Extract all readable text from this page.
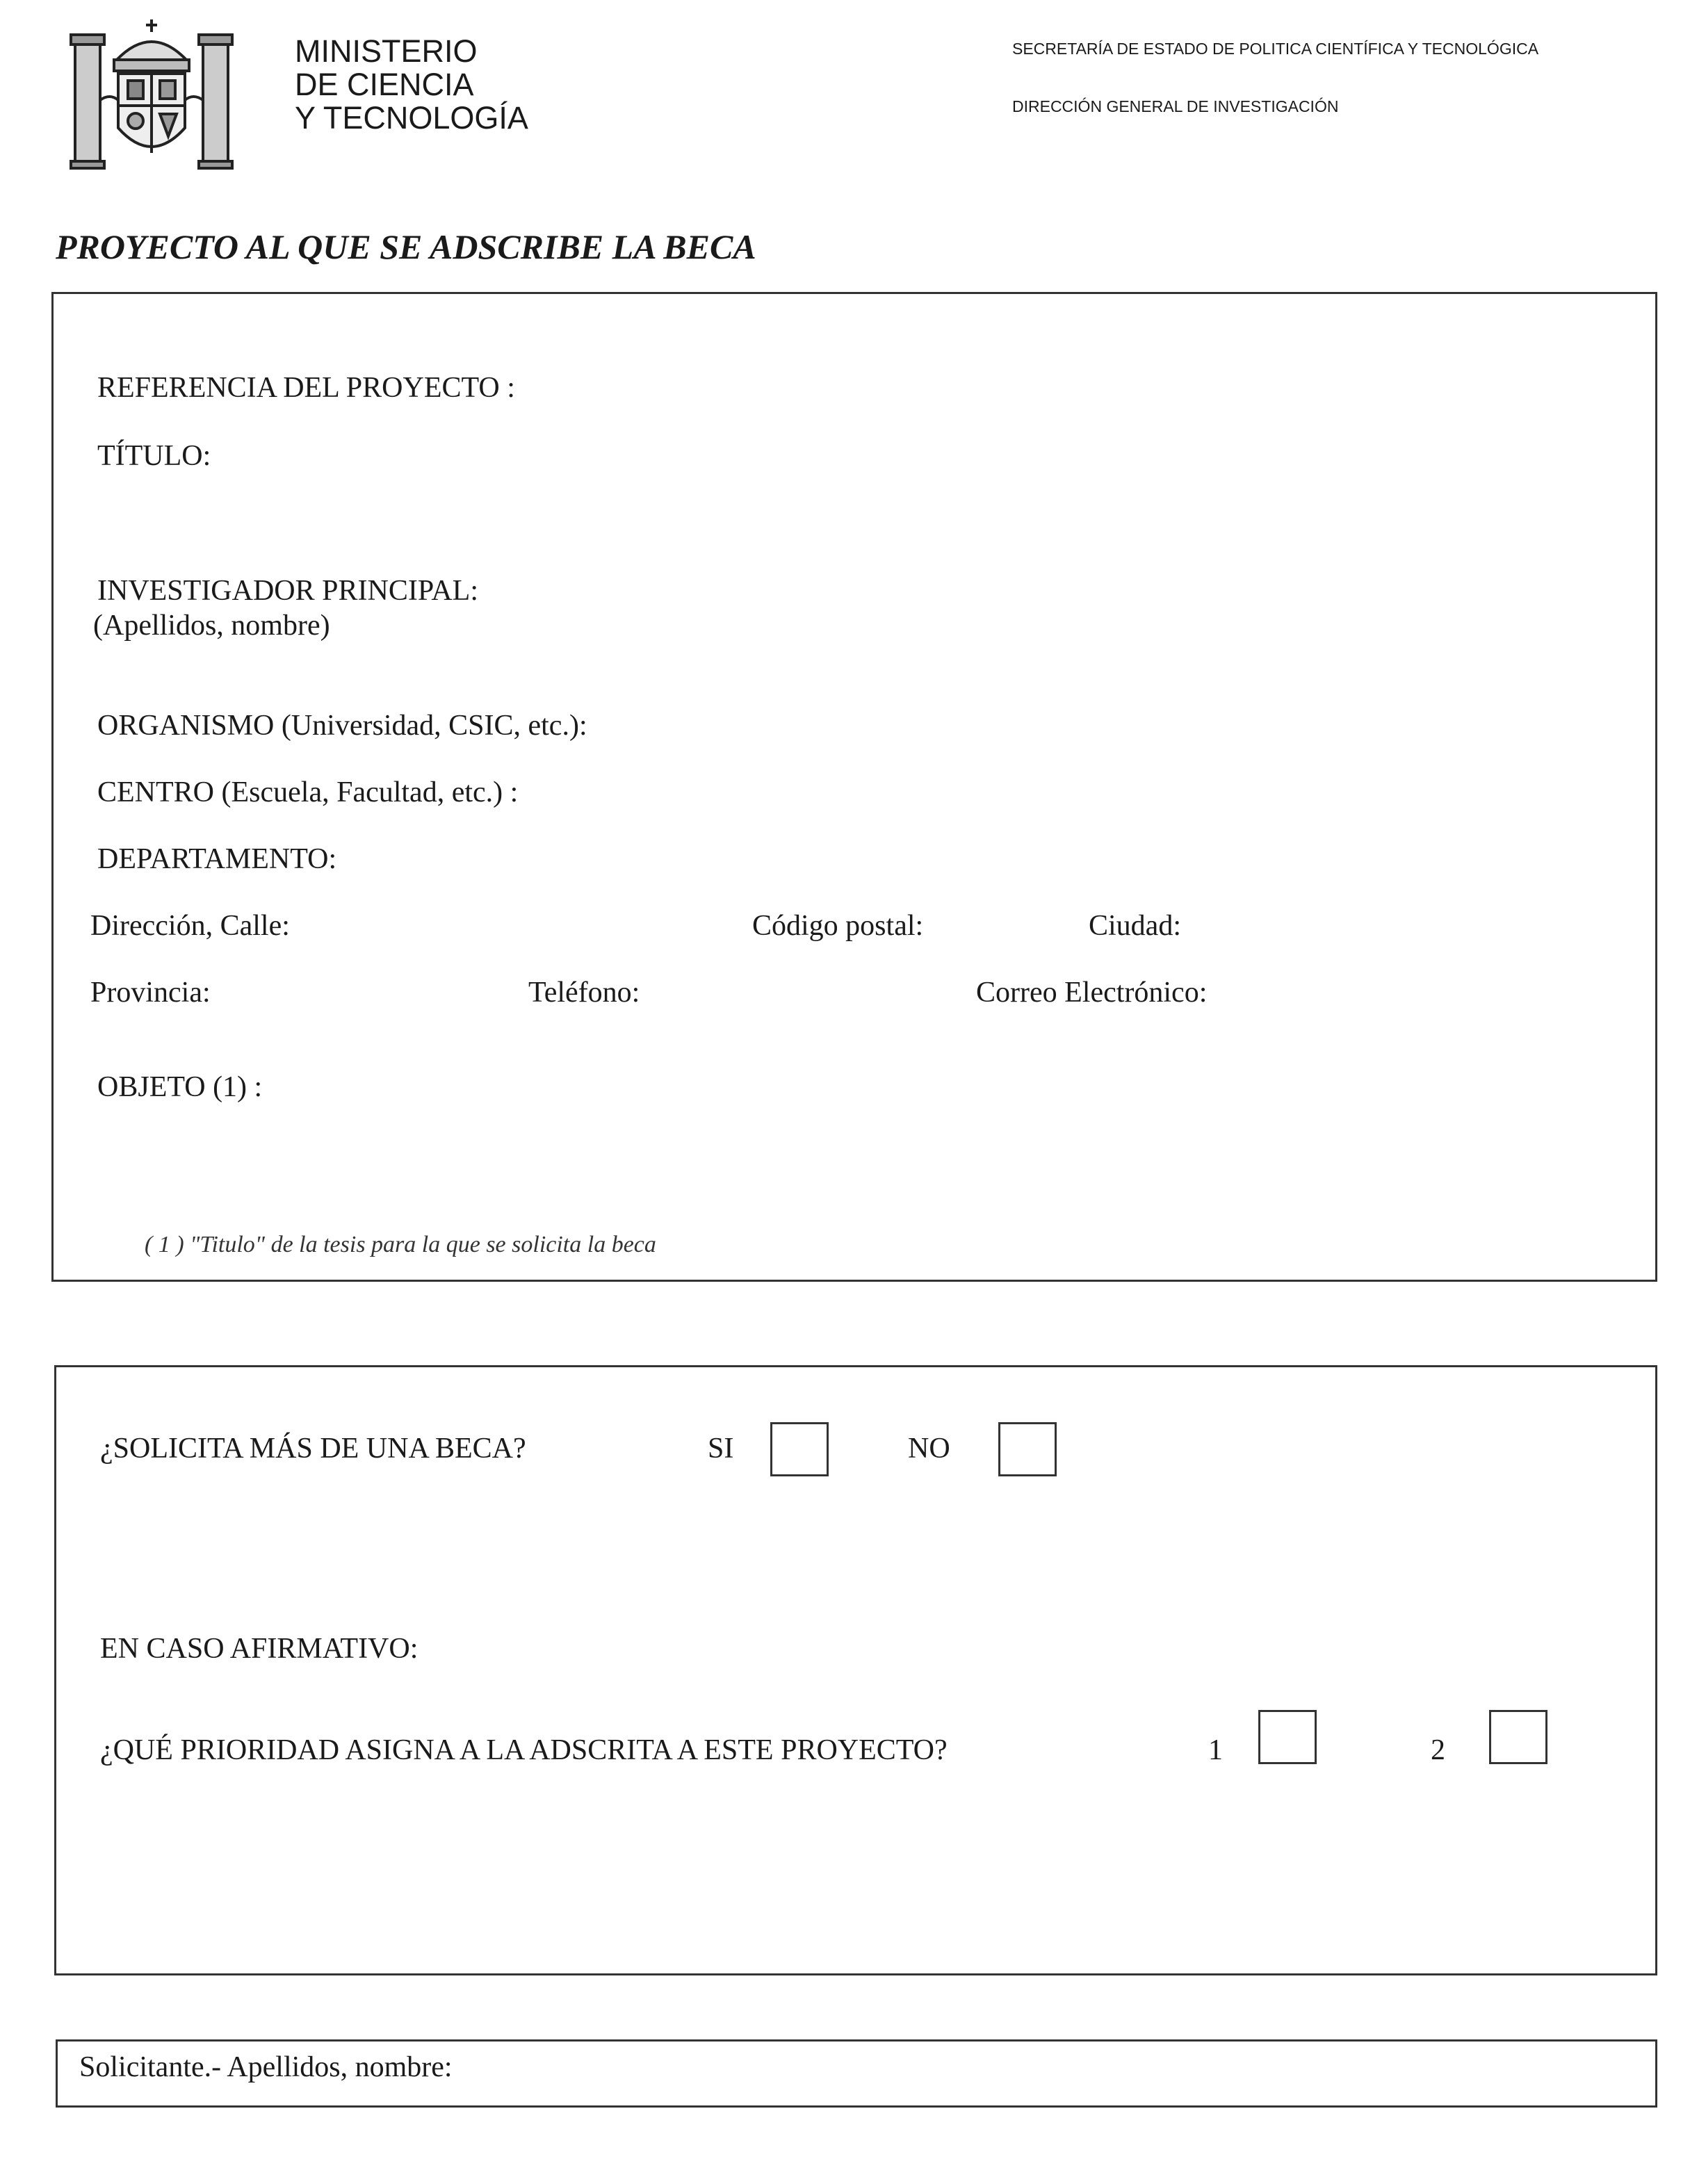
MINISTERIO
DE CIENCIA
Y TECNOLOGÍA
SECRETARÍA DE ESTADO DE POLITICA CIENTÍFICA Y TECNOLÓGICA
DIRECCIÓN GENERAL DE INVESTIGACIÓN
PROYECTO AL QUE SE ADSCRIBE LA BECA
REFERENCIA DEL PROYECTO :
TÍTULO:
INVESTIGADOR PRINCIPAL:
(Apellidos, nombre)
ORGANISMO (Universidad, CSIC, etc.):
CENTRO (Escuela, Facultad, etc.) :
DEPARTAMENTO:
Dirección, Calle:	Código postal:	Ciudad:
Provincia:	Teléfono:	Correo Electrónico:
OBJETO (1) :
( 1 ) "Titulo" de la tesis para la que se solicita la beca
¿SOLICITA MÁS DE UNA BECA?	SI	NO
EN CASO AFIRMATIVO:
¿QUÉ PRIORIDAD ASIGNA A LA ADSCRITA A ESTE PROYECTO?	1	2
Solicitante.- Apellidos, nombre:
